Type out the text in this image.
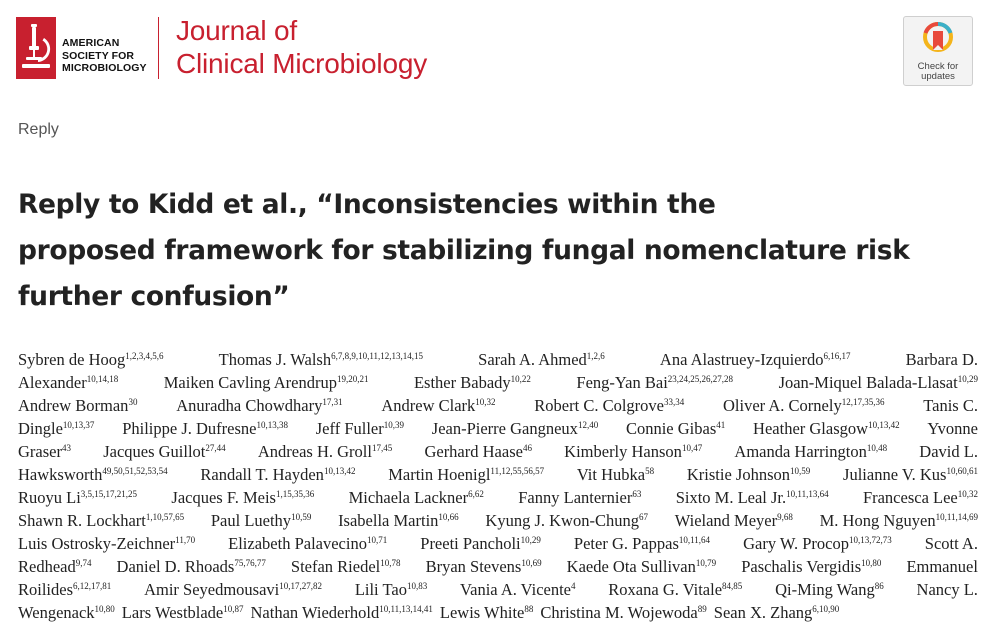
AMERICAN
SOCIETY FOR
MICROBIOLOGY
Journal of
Clinical Microbiology	Check for
updates
Reply
Reply to Kidd et al., “Inconsistencies within the
proposed framework for stabilizing fungal nomenclature risk
further confusion”
Sybren de Hoog$^{1,2,3,4,5,6}$	Thomas J. Walsh$^{6,7,8,9,10,11,12,13,14,15}$	Sarah A. Ahmed$^{1,2,6}$	Ana Alastruey-Izquierdo$^{6,16,17}$	Barbara D.
Alexander$^{10,14,18}$	Maiken Cavling Arendrup$^{19,20,21}$	Esther Babady$^{10,22}$	Feng-Yan Bai$^{23,24,25,26,27,28}$	Joan-Miquel Balada-Llasat$^{10,29}$
Andrew Borman$^{30}$ Anuradha Chowdhary$^{17,31}$ Andrew Clark$^{10,32}$ Robert C. Colgrove$^{33,34}$ Oliver A. Cornely$^{12,17,35,36}$ Tanis C.
Dingle$^{10,13,37}$ Philippe J. Dufresne$^{10,13,38}$ Jeff Fuller$^{10,39}$ Jean-Pierre Gangneux$^{12,40}$ Connie Gibas$^{41}$ Heather Glasgow$^{10,13,42}$ Yvonne
Graser$^{43}$ Jacques Guillot$^{27,44}$ Andreas H. Groll$^{17,45}$ Gerhard Haase$^{46}$ Kimberly Hanson$^{10,47}$ Amanda Harrington$^{10,48}$ David L.
Hawksworth$^{49,50,51,52,53,54}$ Randall T. Hayden$^{10,13,42}$ Martin Hoenigl$^{11,12,55,56,57}$ Vit Hubka$^{58}$ Kristie Johnson$^{10,59}$ Julianne V. Kus$^{10,60,61}$
Ruoyu Li$^{3,5,15,17,21,25}$ Jacques F. Meis$^{1,15,35,36}$ Michaela Lackner$^{6,62}$ Fanny Lanternier$^{63}$ Sixto M. Leal Jr.$^{10,11,13,64}$ Francesca Lee$^{10,32}$
Shawn R. Lockhart$^{1,10,57,65}$ Paul Luethy$^{10,59}$ Isabella Martin$^{10,66}$ Kyung J. Kwon-Chung$^{67}$ Wieland Meyer$^{9,68}$ M. Hong Nguyen$^{10,11,14,69}$
Luis Ostrosky-Zeichner$^{11,70}$ Elizabeth Palavecino$^{10,71}$ Preeti Pancholi$^{10,29}$ Peter G. Pappas$^{10,11,64}$ Gary W. Procop$^{10,13,72,73}$ Scott A.
Redhead$^{9,74}$ Daniel D. Rhoads$^{75,76,77}$ Stefan Riedel$^{10,78}$ Bryan Stevens$^{10,69}$ Kaede Ota Sullivan$^{10,79}$ Paschalis Vergidis$^{10,80}$ Emmanuel
Roilides$^{6,12,17,81}$ Amir Seyedmousavi$^{10,17,27,82}$ Lili Tao$^{10,83}$ Vania A. Vicente$^4$ Roxana G. Vitale$^{84,85}$ Qi-Ming Wang$^{86}$ Nancy L.
Wengenack$^{10,80}$ Lars Westblade$^{10,87}$ Nathan Wiederhold$^{10,11,13,14,41}$ Lewis White$^{88}$ Christina M. Wojewoda$^{89}$ Sean X. Zhang$^{6,10,90}$
